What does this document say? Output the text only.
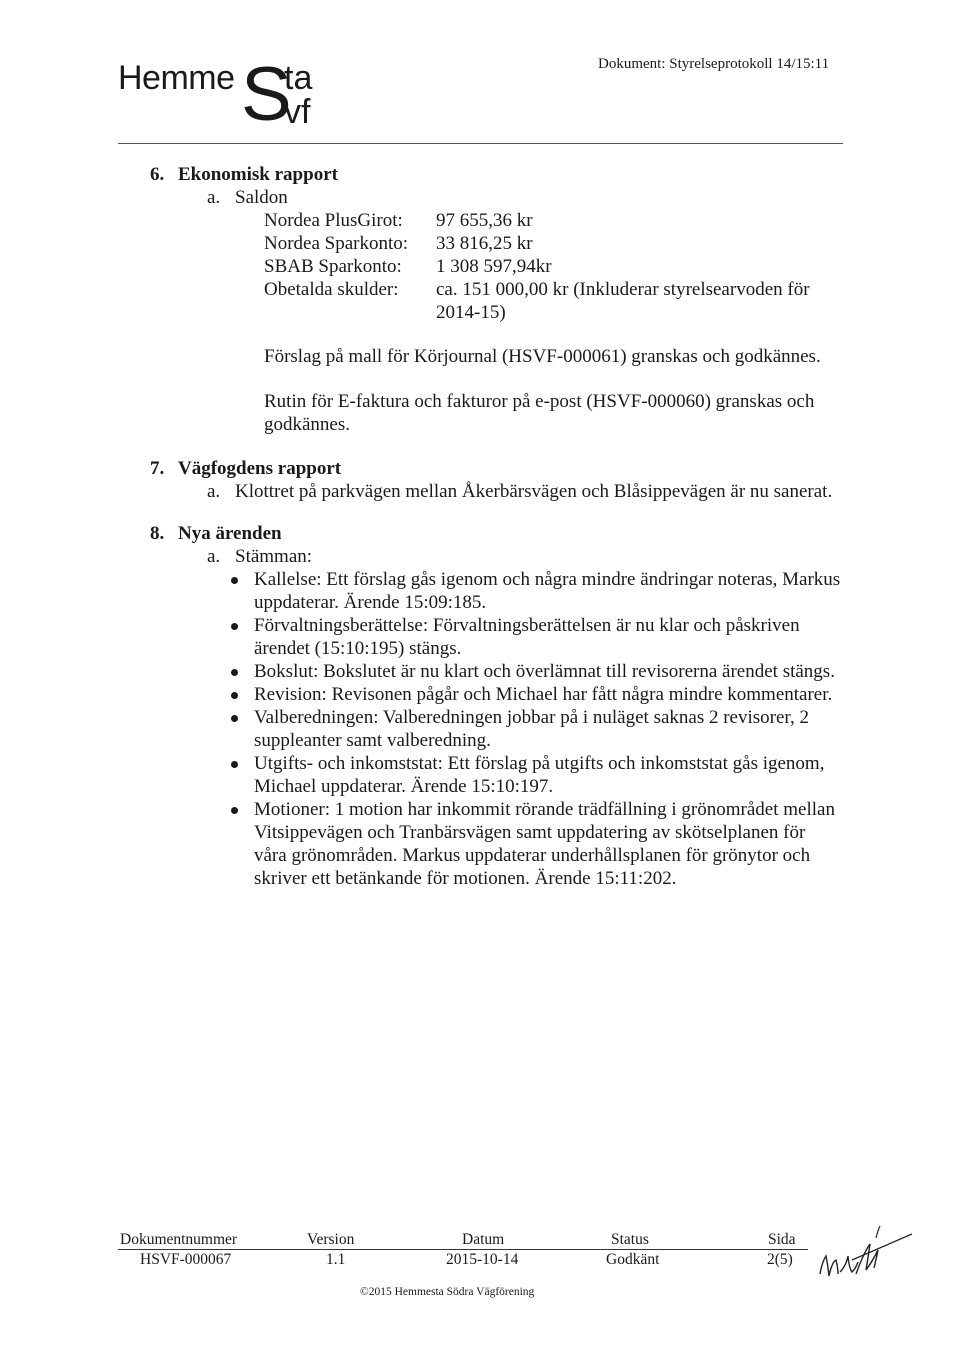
Hemme S
ta
vf
Dokument: Styrelseprotokoll 14/15:11
6. Ekonomisk rapport
a. Saldon
Nordea PlusGirot: 97 655,36 kr
Nordea Sparkonto: 33 816,25 kr
SBAB Sparkonto: 1 308 597,94kr
Obetalda skulder: ca. 151 000,00 kr (Inkluderar styrelsearvoden för
2014-15)
Förslag på mall för Körjournal (HSVF-000061) granskas och godkännes.
Rutin för E-faktura och fakturor på e-post (HSVF-000060) granskas och
godkännes.
7. Vägfogdens rapport
a. Klottret på parkvägen mellan Åkerbärsvägen och Blåsippevägen är nu sanerat.
8. Nya ärenden
a. Stämman:
Kallelse: Ett förslag gås igenom och några mindre ändringar noteras, Markus
uppdaterar. Ärende 15:09:185.
Förvaltningsberättelse: Förvaltningsberättelsen är nu klar och påskriven
ärendet (15:10:195) stängs.
Bokslut: Bokslutet är nu klart och överlämnat till revisorerna ärendet stängs.
Revision: Revisonen pågår och Michael har fått några mindre kommentarer.
Valberedningen: Valberedningen jobbar på i nuläget saknas 2 revisorer, 2
suppleanter samt valberedning.
Utgifts- och inkomststat: Ett förslag på utgifts och inkomststat gås igenom,
Michael uppdaterar. Ärende 15:10:197.
Motioner: 1 motion har inkommit rörande trädfällning i grönområdet mellan
Vitsippevägen och Tranbärsvägen samt uppdatering av skötselplanen för
våra grönområden. Markus uppdaterar underhållsplanen för grönytor och
skriver ett betänkande för motionen. Ärende 15:11:202.
Dokumentnummer	Version	Datum	Status	Sida
HSVF-000067	1.1	2015-10-14	Godkänt	2(5)
©2015 Hemmesta Södra Vägförening
